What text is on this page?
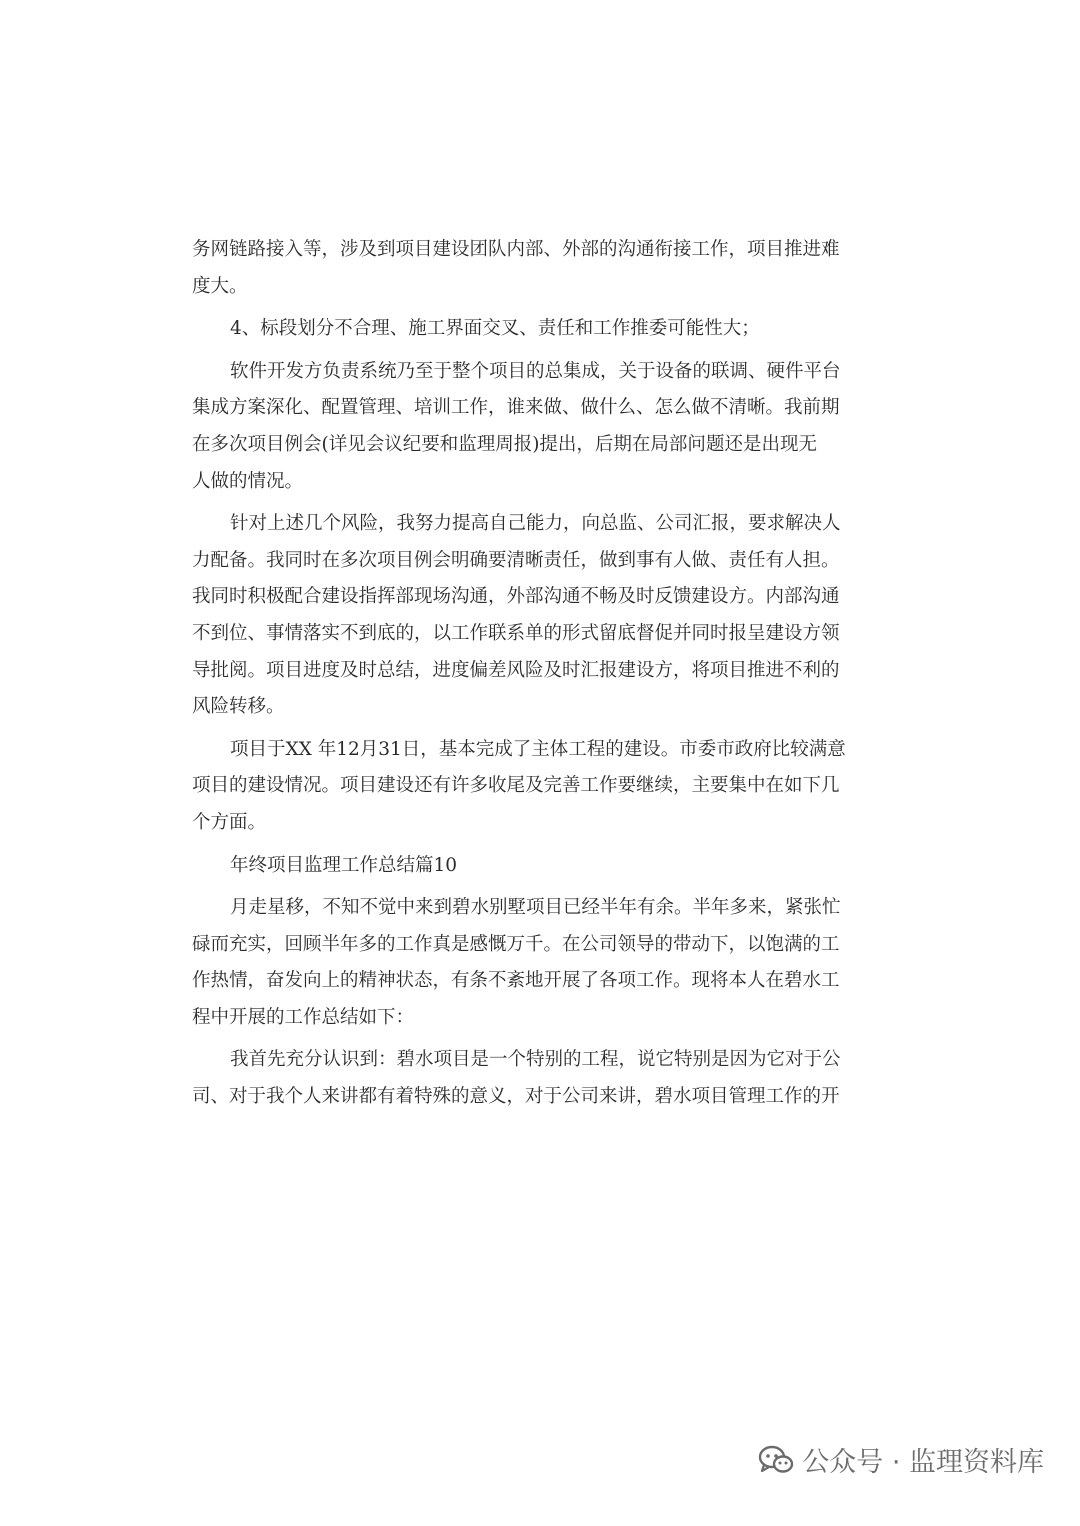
务网链路接入等，涉及到项目建设团队内部、外部的沟通衔接工作，项目推进难
度大。
4、标段划分不合理、施工界面交叉、责任和工作推委可能性大；
软件开发方负责系统乃至于整个项目的总集成，关于设备的联调、硬件平台
集成方案深化、配置管理、培训工作，谁来做、做什么、怎么做不清晰。我前期
在多次项目例会(详见会议纪要和监理周报)提出，后期在局部问题还是出现无
人做的情况。
针对上述几个风险，我努力提高自己能力，向总监、公司汇报，要求解决人
力配备。我同时在多次项目例会明确要清晰责任，做到事有人做、责任有人担。
我同时积极配合建设指挥部现场沟通，外部沟通不畅及时反馈建设方。内部沟通
不到位、事情落实不到底的，以工作联系单的形式留底督促并同时报呈建设方领
导批阅。项目进度及时总结，进度偏差风险及时汇报建设方，将项目推进不利的
风险转移。
项目于XX 年12月31日，基本完成了主体工程的建设。市委市政府比较满意
项目的建设情况。项目建设还有许多收尾及完善工作要继续，主要集中在如下几
个方面。
年终项目监理工作总结篇10
月走星移，不知不觉中来到碧水别墅项目已经半年有余。半年多来，紧张忙
碌而充实，回顾半年多的工作真是感慨万千。在公司领导的带动下，以饱满的工
作热情，奋发向上的精神状态，有条不紊地开展了各项工作。现将本人在碧水工
程中开展的工作总结如下：
我首先充分认识到：碧水项目是一个特别的工程，说它特别是因为它对于公
司、对于我个人来讲都有着特殊的意义，对于公司来讲，碧水项目管理工作的开
公众号 · 监理资料库
